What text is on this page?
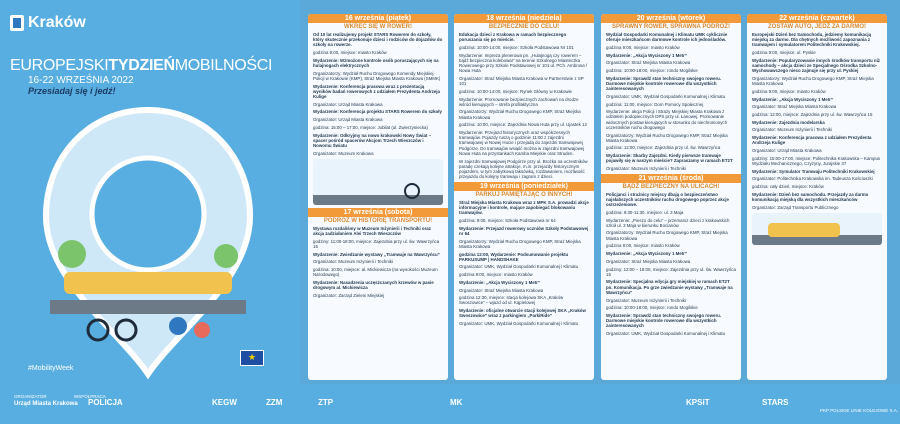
Kraków
EUROPEJSKITYDZIEŃMOBILNOŚCI
16-22 WRZEŚNIA 2022
Przesiadaj się i jedź!
#MobilityWeek
★
16 września (piątek)
WKRĘĆ SIĘ W ROWER!

Od 10 lat realizujemy projekt STARS Rowerem do szkoły, który skutecznie przekonuje dzieci i rodziców do dojazdów do szkoły na rowerze.

godzina 9:00, miejsce: miasto Kraków

Wydarzenie: Wzmożone kontrole osób poruszających się na hulajnogach elektrycznych

Organizatorzy: Wydział Ruchu Drogowego Komendy Miejskiej Policji w Krakowie (KMP), Straż Miejska Miasta Krakowa (SMMK)

Wydarzenie: Konferencja prasowa wraz z prezentacją wyników badań rowerowych z udziałem Prezydenta Andrzeja Kulige

Organizator: Urząd Miasta Krakowa

Wydarzenie: Konferencja projektu STARS Rowerem do szkoły

Organizator: Urząd Miasta Krakowa

godzina: 15:00 – 17:00, miejsce: Jubilat (ul. Zwierzyniecka)

Wydarzenie: Odkryjmy na nowo krakowski Nowy Świat – spacer pośród spacerów Akcjom Trzech Wieszczów i Nowomu Światu

Organizator: Muzeum Krakowa

17 września (sobota)
PODRÓŻ W HISTORIĘ TRANSPORTU!

Wystawa rozdaliśmy w Muzeum Inżynierii i Techniki oraz akcja zadziałaniem Alei Trzech Wieszczów

godziny: 11:00-18:00, miejsce: Zajezdnia przy ul. św. Wawrzyńca 15

Wydarzenie: Zwiedzanie wystawy „Tramwaje na Wawrzyńcu”

Organizator: Muzeum Inżynierii i Techniki

godzina: 10:00, miejsce: al. Mickiewicza (na wysokości Muzeum Narodowego)

Wydarzenie: Nasadzenia uczęszczanych krzewów w pasie drogowym al. Mickiewicza

Organizator: Zarząd Zieleni Miejskiej

18 września (niedziela)
BEZPIECZNIE DO CELU!

Edukacja dzieci z Krakowa w ramach bezpiecznego poruszania się po mieście.

godzina: 10:00-14:00, miejsce: Szkoła Podstawowa Nr 101

Wydarzenie: Impreza plenerowa pn. „Hulajnogą czy rowerem – bądź bezpieczna kolebowa!” na terenie Szkolnego Miasteczka Rowerowego przy Szkole Podstawowej nr 101 ul. PCh. Ambrosa / Nowa Huta

Organizator: Straż Miejska Miasta Krakowa w Partnerstwie z SP 101

godzina: 10:00-14:00, miejsce: Rynek Główny w Krakowie

Wydarzenie: Promowanie bezpiecznych zachowań na drodze wśród kierujących – strefa profilaktyczna

Organizatorzy: Wydział Ruchu Drogowego KMP, Straż Miejska Miasta Krakowa

godzina: 10:00, miejsce: Zajezdnia Nowa Huta przy ul. Ujastek 12

Wydarzenie: Przejazd historycznych oraz współczesnych tramwajów. Pojazdy ruszą o godzinie 11:00 z zajezdni tramwajowej w Nowej Hucie i przejadą do zajezdni tramwajowej Podgórze. Do tramwajów wsiąść można w zajezdni tramwajowej Nowa Huta na przystankach Kamba Miejskie oraz Struden.

W zajezdni tramwajowej Podgórze przy ul. Brożka na uczestników paradę czekają kolejne atrakcje, m.in. przejazdy historycznym pojazdem, w tym zabytkową taksówką, rozdawaniem, możliwość przejazdu do kolejny tramwaju i zagram z dzieci.

19 września (poniedziałek)
PARKUJ PAMIĘTAJĄC O INNYCH!

Straż Miejska Miasta Krakowa wraz z MPK S.A. prowadzi akcje informacyjne i kontrole, mające zapobiegać blokowaniu tramwajów.

godzina: 9:00, miejsce: Szkoła Podstawowa nr 64

Wydarzenie: Przejazd rowerowy uczniów Szkoły Podstawowej nr 64

Organizatorzy: Wydział Ruchu Drogowego KMP, Straż Miejska Miasta Krakowa

godzina 12:00, Wydarzenie: Podsumowanie projektu PARKUSUMP | HANDSHAKE

Organizator: UMK, Wydział Gospodarki Komunalnej i Klimatu

godzina 9:00, miejsce: miasto Kraków

Wydarzenie: „Akcja Wyciszony 1 Metr”

Organizator: Straż Miejska Miasta Krakowa

godzina 12:30, miejsce: stacja kolejowa SKA „Kraków Swoszowice” – wjazd od ul. Kąpielowej

Wydarzenie: oficjalne otwarcie stacji kolejowej SKA „Kraków Swoszowice” wraz z parkingiem „ParkiRide”

Organizator: UMK, Wydział Gospodarki Komunalnej i Klimatu

20 września (wtorek)
SPRAWNY ROWER, SPRAWNA PODRÓŻ!

Wydział Gospodarki Komunalnej i Klimatu UMK cyklicznie oferuje mieszkańcom darmowe kontrole ich jednośladów.

godzina 9:00, miejsce: miasto Kraków

Wydarzenie: „Akcja Wyciszony 1 Metr”

Organizator: Straż Miejska Miasta Krakowa

godzina: 10:00-18:00, miejsce: rondo Mogilskie

Wydarzenie: Sprawdź stan techniczny swojego roweru. Darmowe miejskie kontrole rowerowe dla wszystkich zainteresowanych

Organizator: UMK, Wydział Gospodarki Komunalnej i Klimatu

godzina: 11:00, miejsce: Dom Pomocy Społecznej

Wydarzenie: akcja Policji i Straży Miejskiej Miasta Krakowa z udziałem podopiecznych DPS przy ul. Łanowej. Promowanie widocznych postaw kierujących w stosunku do niechronionych uczestników ruchu drogowego

Organizatorzy: Wydział Ruchu Drogowego KMP, Straż Miejska Miasta Krakowa

godzina: 12:00, miejsce: Zajezdnia przy ul. św. Wawrzyńca

Wydarzenie: Skarby Zajezdni. Kiedy pierwsze tramwaje pojawiły się w naszym mieście? Zapraszamy w ramach ET2T

Organizator: Muzeum Inżynierii i Techniki

21 września (środa)
BĄDŹ BEZPIECZNY NA ULICACH!

Policjanci i strażnicy miejscy dbają o bezpieczeństwo najsłabszych uczestników ruchu drogowego poprzez akcje ostrzeżeniowe.

godzina: 9:30-11:30, miejsce: ul. 3 Maja

Wydarzenie: „Pieszo do celu” – przemarsz dzieci z krakowskich szkół ul. 3 Maja w kierunku Bocianów

Organizatorzy: Wydział Ruchu Drogowego KMP, Straż Miejska Miasta Krakowa

godzina 9:00, miejsce: miasto Kraków

Wydarzenie: „Akcja Wyciszony 1 Metr”

Organizator: Straż Miejska Miasta Krakowa

godziny: 12:00 – 18:00, miejsce: Zajezdnia przy ul. św. Wawrzyńca 15

Wydarzenie: Specjalna edycja gry miejskiej w ramach ET2T pn. Komunikacja. Po grze zwiedzanie wystawy „Tramwaje na Wawrzyńcu”

Organizator: Muzeum Inżynierii i Techniki

godzina: 10:00-18:00, miejsce: rondo Mogilskie

Wydarzenie: Sprawdź stan techniczny swojego roweru. Darmowe miejskie kontrole rowerowe dla wszystkich zainteresowanych

Organizator: UMK, Wydział Gospodarki Komunalnej i Klimatu

22 września (czwartek)
ZOSTAW AUTO, JEDŹ ZA DARMO!

Europejski Dzień bez Samochodu, jedziemy komunikacją miejską za darmo. Dla chętnych możliwość zapoznania z tramwajem i symulatorem Politechniki Krakowskiej.

godzina 9:00, miejsce: ul. Pyskie

Wydarzenie: Popularyzowanie innych środków transportu niż samochody – akcja dzieci ze Specjalnego Ośrodka Szkolno-Wychowawczego nieco zajmuje się przy ul. Pyskiej

Organizatorzy: Wydział Ruchu Drogowego KMP, Straż Miejska Miasta Krakowa

godzina 9:00, miejsce: miasto Kraków

Wydarzenie: „Akcja Wyciszony 1 Metr”

Organizator: Straż Miejska Miasta Krakowa

godzina: 12:00, miejsce: Zajezdnia przy ul. św. Wawrzyńca 15

Wydarzenie: Zajezdnia modelarska

Organizator: Muzeum Inżynierii i Techniki

Wydarzenie: Konferencja prasowa z udziałem Prezydenta Andrzeja Kulige

Organizator: Urząd Miasta Krakowa

godziny: 15:00-17:00, miejsce: Politechnika Krakowska – Kampus Wydziału Mechanicznego, Czyżyny, Jurajskie 37

Wydarzenie: Symulator Tramwaju Politechniki Krakowskiej

Organizator: Politechnika Krakowska im. Tadeusza Kościuszki

godzina: cały dzień, miejsce: Kraków

Wydarzenie: Dzień bez samochodu. Przejazdy za darmo komunikacją miejską dla wszystkich mieszkańców

Organizator: Zarząd Transportu Publicznego

ORGANIZATOR
Urząd Miasta Krakowa
WSPÓŁPRACA
POLICJA	KEGW	ZZM	ZTP	MK	KPSiT	STARS
PKP POLSKIE LINIE KOLEJOWE S.A.
